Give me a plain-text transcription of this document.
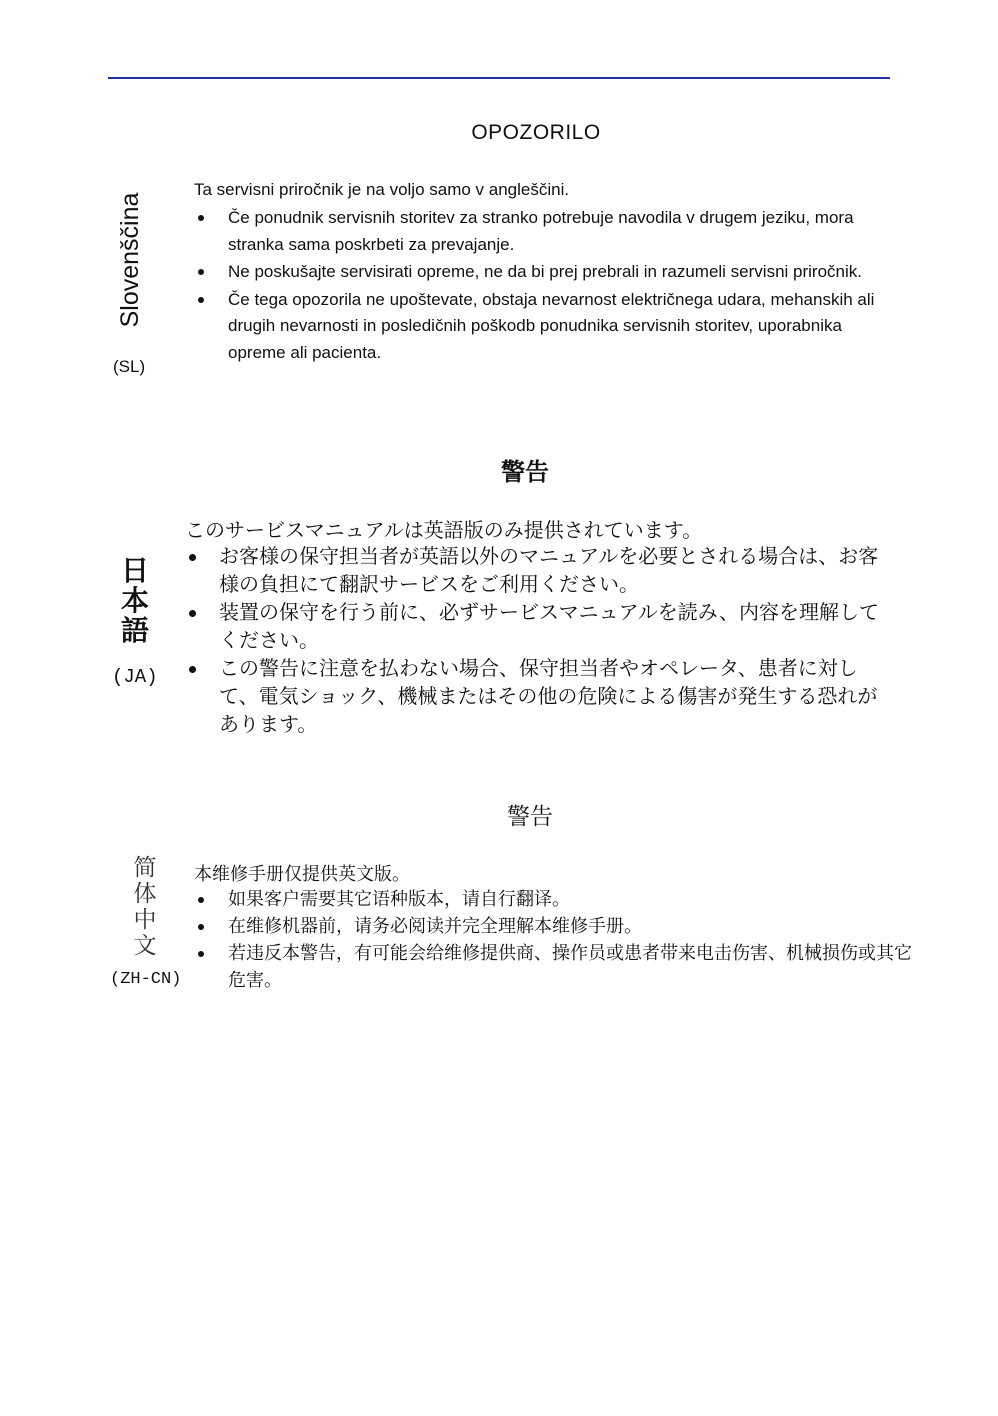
OPOZORILO
Slovenščina
(SL)
Ta servisni priročnik je na voljo samo v angleščini.
Če ponudnik servisnih storitev za stranko potrebuje navodila v drugem jeziku, mora stranka sama poskrbeti za prevajanje.
Ne poskušajte servisirati opreme, ne da bi prej prebrali in razumeli servisni priročnik.
Če tega opozorila ne upoštevate, obstaja nevarnost električnega udara, mehanskih ali drugih nevarnosti in posledičnih poškodb ponudnika servisnih storitev, uporabnika opreme ali pacienta.
警告
日本語
(JA)
このサービスマニュアルは英語版のみ提供されています。
お客様の保守担当者が英語以外のマニュアルを必要とされる場合は、お客様の負担にて翻訳サービスをご利用ください。
装置の保守を行う前に、必ずサービスマニュアルを読み、内容を理解してください。
この警告に注意を払わない場合、保守担当者やオペレータ、患者に対して、電気ショック、機械またはその他の危険による傷害が発生する恐れがあります。
警告
简体中文
(ZH-CN)
本维修手册仅提供英文版。
如果客户需要其它语种版本，请自行翻译。
在维修机器前，请务必阅读并完全理解本维修手册。
若违反本警告，有可能会给维修提供商、操作员或患者带来电击伤害、机械损伤或其它危害。
